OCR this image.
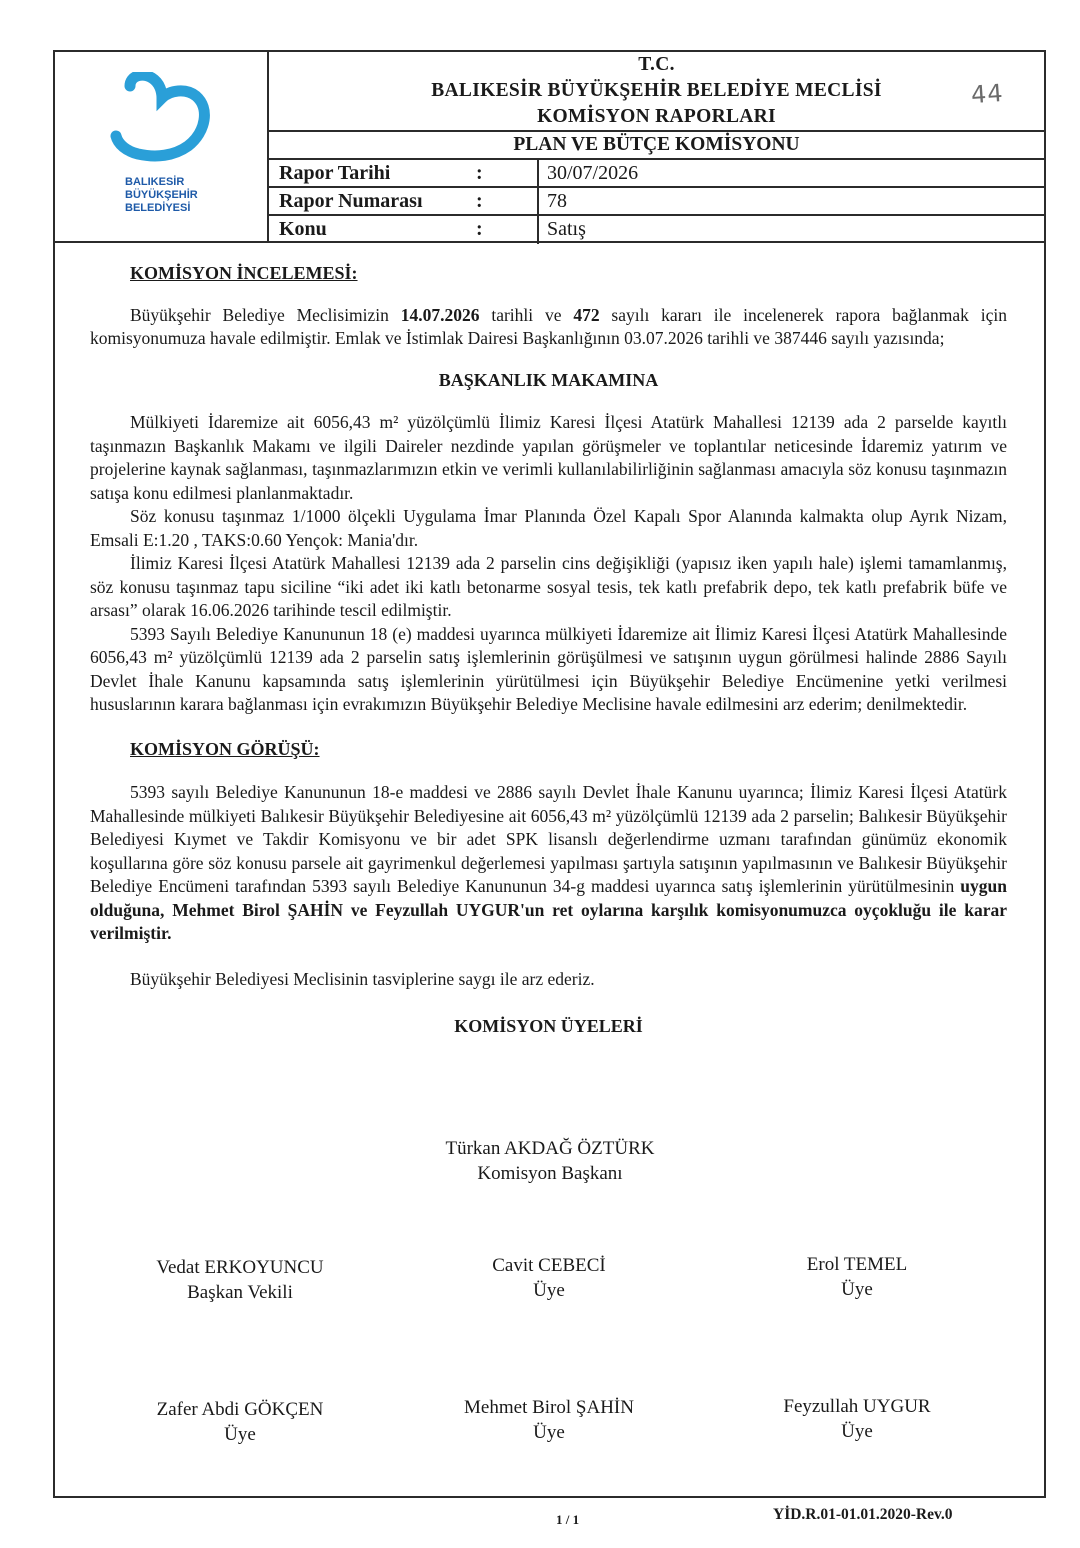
BALIKESİR
BÜYÜKŞEHİR
BELEDİYESİ
T.C.
BALIKESİR BÜYÜKŞEHİR BELEDİYE MECLİSİ
KOMİSYON RAPORLARI
44
PLAN VE BÜTÇE KOMİSYONU
Rapor Tarihi	:	30/07/2026
Rapor Numarası	:	78
Konu	:	Satış
KOMİSYON İNCELEMESİ:

Büyükşehir Belediye Meclisimizin 14.07.2026 tarihli ve 472 sayılı kararı ile incelenerek rapora bağlanmak için komisyonumuza havale edilmiştir. Emlak ve İstimlak Dairesi Başkanlığının 03.07.2026 tarihli ve 387446 sayılı yazısında;

BAŞKANLIK MAKAMINA

Mülkiyeti İdaremize ait 6056,43 m² yüzölçümlü İlimiz Karesi İlçesi Atatürk Mahallesi 12139 ada 2 parselde kayıtlı taşınmazın Başkanlık Makamı ve ilgili Daireler nezdinde yapılan görüşmeler ve toplantılar neticesinde İdaremiz yatırım ve projelerine kaynak sağlanması, taşınmazlarımızın etkin ve verimli kullanılabilirliğinin sağlanması amacıyla söz konusu taşınmazın satışa konu edilmesi planlanmaktadır.

Söz konusu taşınmaz 1/1000 ölçekli Uygulama İmar Planında Özel Kapalı Spor Alanında kalmakta olup Ayrık Nizam, Emsali E:1.20 , TAKS:0.60 Yençok: Mania'dır.

İlimiz Karesi İlçesi Atatürk Mahallesi 12139 ada 2 parselin cins değişikliği (yapısız iken yapılı hale) işlemi tamamlanmış, söz konusu taşınmaz tapu siciline “iki adet iki katlı betonarme sosyal tesis, tek katlı prefabrik depo, tek katlı prefabrik büfe ve arsası” olarak 16.06.2026 tarihinde tescil edilmiştir.

5393 Sayılı Belediye Kanununun 18 (e) maddesi uyarınca mülkiyeti İdaremize ait İlimiz Karesi İlçesi Atatürk Mahallesinde 6056,43 m² yüzölçümlü 12139 ada 2 parselin satış işlemlerinin görüşülmesi ve satışının uygun görülmesi halinde 2886 Sayılı Devlet İhale Kanunu kapsamında satış işlemlerinin yürütülmesi için Büyükşehir Belediye Encümenine yetki verilmesi hususlarının karara bağlanması için evrakımızın Büyükşehir Belediye Meclisine havale edilmesini arz ederim; denilmektedir.

KOMİSYON GÖRÜŞÜ:

5393 sayılı Belediye Kanununun 18-e maddesi ve 2886 sayılı Devlet İhale Kanunu uyarınca; İlimiz Karesi İlçesi Atatürk Mahallesinde mülkiyeti Balıkesir Büyükşehir Belediyesine ait 6056,43 m² yüzölçümlü 12139 ada 2 parselin; Balıkesir Büyükşehir Belediyesi Kıymet ve Takdir Komisyonu ve bir adet SPK lisanslı değerlendirme uzmanı tarafından günümüz ekonomik koşullarına göre söz konusu parsele ait gayrimenkul değerlemesi yapılması şartıyla satışının yapılmasının ve Balıkesir Büyükşehir Belediye Encümeni tarafından 5393 sayılı Belediye Kanununun 34-g maddesi uyarınca satış işlemlerinin yürütülmesinin uygun olduğuna, Mehmet Birol ŞAHİN ve Feyzullah UYGUR'un ret oylarına karşılık komisyonumuzca oyçokluğu ile karar verilmiştir.

Büyükşehir Belediyesi Meclisinin tasviplerine saygı ile arz ederiz.

KOMİSYON ÜYELERİ
Türkan AKDAĞ ÖZTÜRK
Komisyon Başkanı
Vedat ERKOYUNCU
Başkan Vekili
Cavit CEBECİ
Üye
Erol TEMEL
Üye
Zafer Abdi GÖKÇEN
Üye
Mehmet Birol ŞAHİN
Üye
Feyzullah UYGUR
Üye
1 / 1	YİD.R.01-01.01.2020-Rev.0
